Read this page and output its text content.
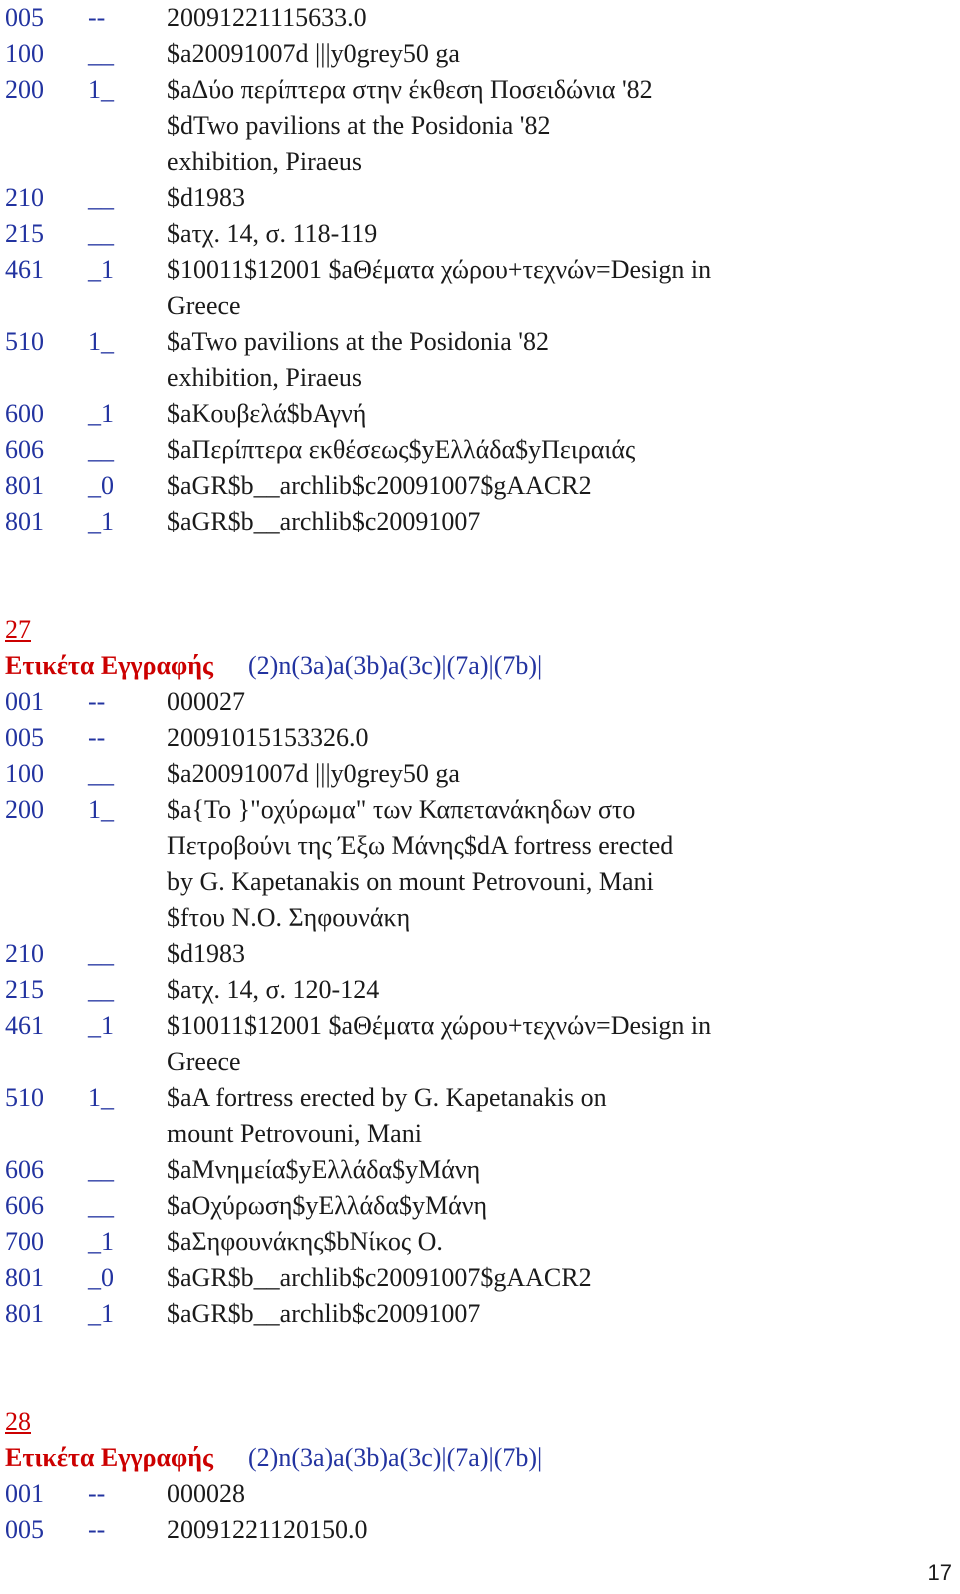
005 -- 20091221115633.0
100 __ $a20091007d |||y0grey50 ga
200 1_ $aΔύο περίπτερα στην έκθεση Ποσειδώνια '82
$dTwo pavilions at the Posidonia '82
exhibition, Piraeus
210 __ $d1983
215 __ $aτχ. 14, σ. 118-119
461 _1 $10011$12001 $aΘέματα χώρου+τεχνών=Design in
Greece
510 1_ $aTwo pavilions at the Posidonia '82
exhibition, Piraeus
600 _1 $aΚουβελά$bΑγνή
606 __ $aΠερίπτερα εκθέσεως$yΕλλάδα$yΠειραιάς
801 _0 $aGR$b__archlib$c20091007$gAACR2
801 _1 $aGR$b__archlib$c20091007
27
Ετικέτα Εγγραφής (2)n(3a)a(3b)a(3c)|(7a)|(7b)|
001 -- 000027
005 -- 20091015153326.0
100 __ $a20091007d |||y0grey50 ga
200 1_ $a{Το }"οχύρωμα" των Καπετανάκηδων στο
Πετροβούνι της Έξω Μάνης$dA fortress erected
by G. Kapetanakis on mount Petrovouni, Mani
$fτου Ν.Ο. Σηφουνάκη
210 __ $d1983
215 __ $aτχ. 14, σ. 120-124
461 _1 $10011$12001 $aΘέματα χώρου+τεχνών=Design in
Greece
510 1_ $aA fortress erected by G. Kapetanakis on
mount Petrovouni, Mani
606 __ $aΜνημεία$yΕλλάδα$yΜάνη
606 __ $aΟχύρωση$yΕλλάδα$yΜάνη
700 _1 $aΣηφουνάκης$bΝίκος Ο.
801 _0 $aGR$b__archlib$c20091007$gAACR2
801 _1 $aGR$b__archlib$c20091007
28
Ετικέτα Εγγραφής (2)n(3a)a(3b)a(3c)|(7a)|(7b)|
001 -- 000028
005 -- 20091221120150.0
17
